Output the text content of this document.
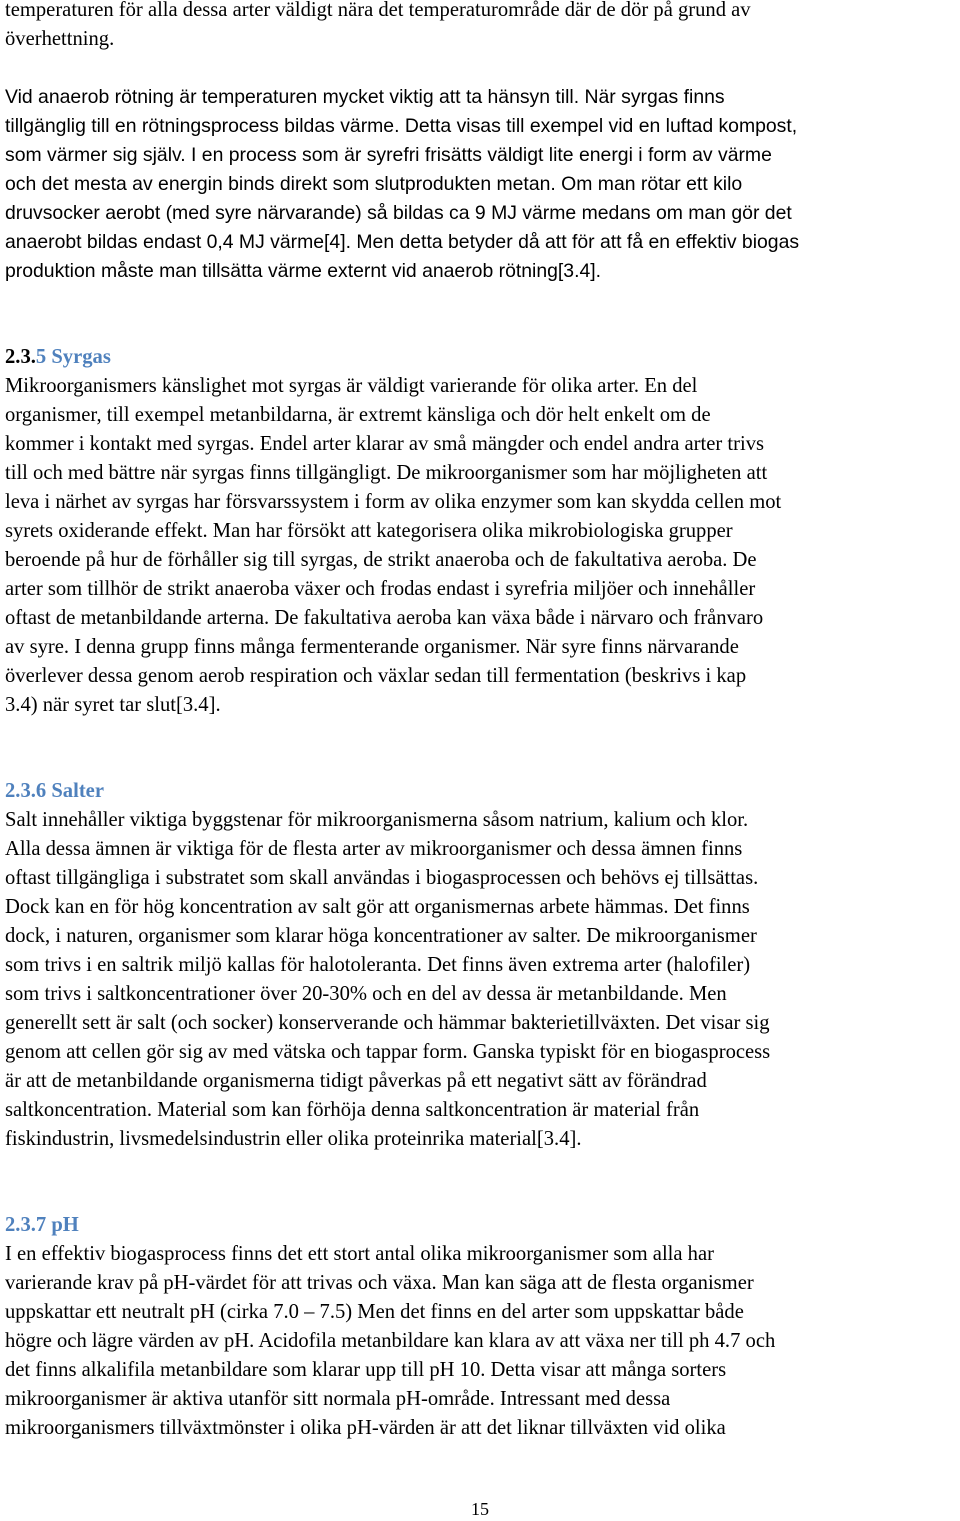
temperaturen för alla dessa arter väldigt nära det temperaturområde där de dör på grund av
överhettning.

Vid anaerob rötning är temperaturen mycket viktig att ta hänsyn till. När syrgas finns
tillgänglig till en rötningsprocess bildas värme. Detta visas till exempel vid en luftad kompost,
som värmer sig själv. I en process som är syrefri frisätts väldigt lite energi i form av värme
och det mesta av energin binds direkt som slutprodukten metan. Om man rötar ett kilo
druvsocker aerobt (med syre närvarande) så bildas ca 9 MJ värme medans om man gör det
anaerobt bildas endast 0,4 MJ värme[4]. Men detta betyder då att för att få en effektiv biogas
produktion måste man tillsätta värme externt vid anaerob rötning[3.4].

2.3.5 Syrgas

Mikroorganismers känslighet mot syrgas är väldigt varierande för olika arter. En del
organismer, till exempel metanbildarna, är extremt känsliga och dör helt enkelt om de
kommer i kontakt med syrgas. Endel arter klarar av små mängder och endel andra arter trivs
till och med bättre när syrgas finns tillgängligt. De mikroorganismer som har möjligheten att
leva i närhet av syrgas har försvarssystem i form av olika enzymer som kan skydda cellen mot
syrets oxiderande effekt. Man har försökt att kategorisera olika mikrobiologiska grupper
beroende på hur de förhåller sig till syrgas, de strikt anaeroba och de fakultativa aeroba. De
arter som tillhör de strikt anaeroba växer och frodas endast i syrefria miljöer och innehåller
oftast de metanbildande arterna. De fakultativa aeroba kan växa både i närvaro och frånvaro
av syre. I denna grupp finns många fermenterande organismer. När syre finns närvarande
överlever dessa genom aerob respiration och växlar sedan till fermentation (beskrivs i kap
3.4) när syret tar slut[3.4].

2.3.6 Salter

Salt innehåller viktiga byggstenar för mikroorganismerna såsom natrium, kalium och klor.
Alla dessa ämnen är viktiga för de flesta arter av mikroorganismer och dessa ämnen finns
oftast tillgängliga i substratet som skall användas i biogasprocessen och behövs ej tillsättas.
Dock kan en för hög koncentration av salt gör att organismernas arbete hämmas. Det finns
dock, i naturen, organismer som klarar höga koncentrationer av salter. De mikroorganismer
som trivs i en saltrik miljö kallas för halotoleranta. Det finns även extrema arter (halofiler)
som trivs i saltkoncentrationer över 20-30% och en del av dessa är metanbildande. Men
generellt sett är salt (och socker) konserverande och hämmar bakterietillväxten. Det visar sig
genom att cellen gör sig av med vätska och tappar form. Ganska typiskt för en biogasprocess
är att de metanbildande organismerna tidigt påverkas på ett negativt sätt av förändrad
saltkoncentration. Material som kan förhöja denna saltkoncentration är material från
fiskindustrin, livsmedelsindustrin eller olika proteinrika material[3.4].

2.3.7 pH

I en effektiv biogasprocess finns det ett stort antal olika mikroorganismer som alla har
varierande krav på pH-värdet för att trivas och växa. Man kan säga att de flesta organismer
uppskattar ett neutralt pH (cirka 7.0 – 7.5) Men det finns en del arter som uppskattar både
högre och lägre värden av pH. Acidofila metanbildare kan klara av att växa ner till ph 4.7 och
det finns alkalifila metanbildare som klarar upp till pH 10. Detta visar att många sorters
mikroorganismer är aktiva utanför sitt normala pH-område. Intressant med dessa
mikroorganismers tillväxtmönster i olika pH-värden är att det liknar tillväxten vid olika

15
